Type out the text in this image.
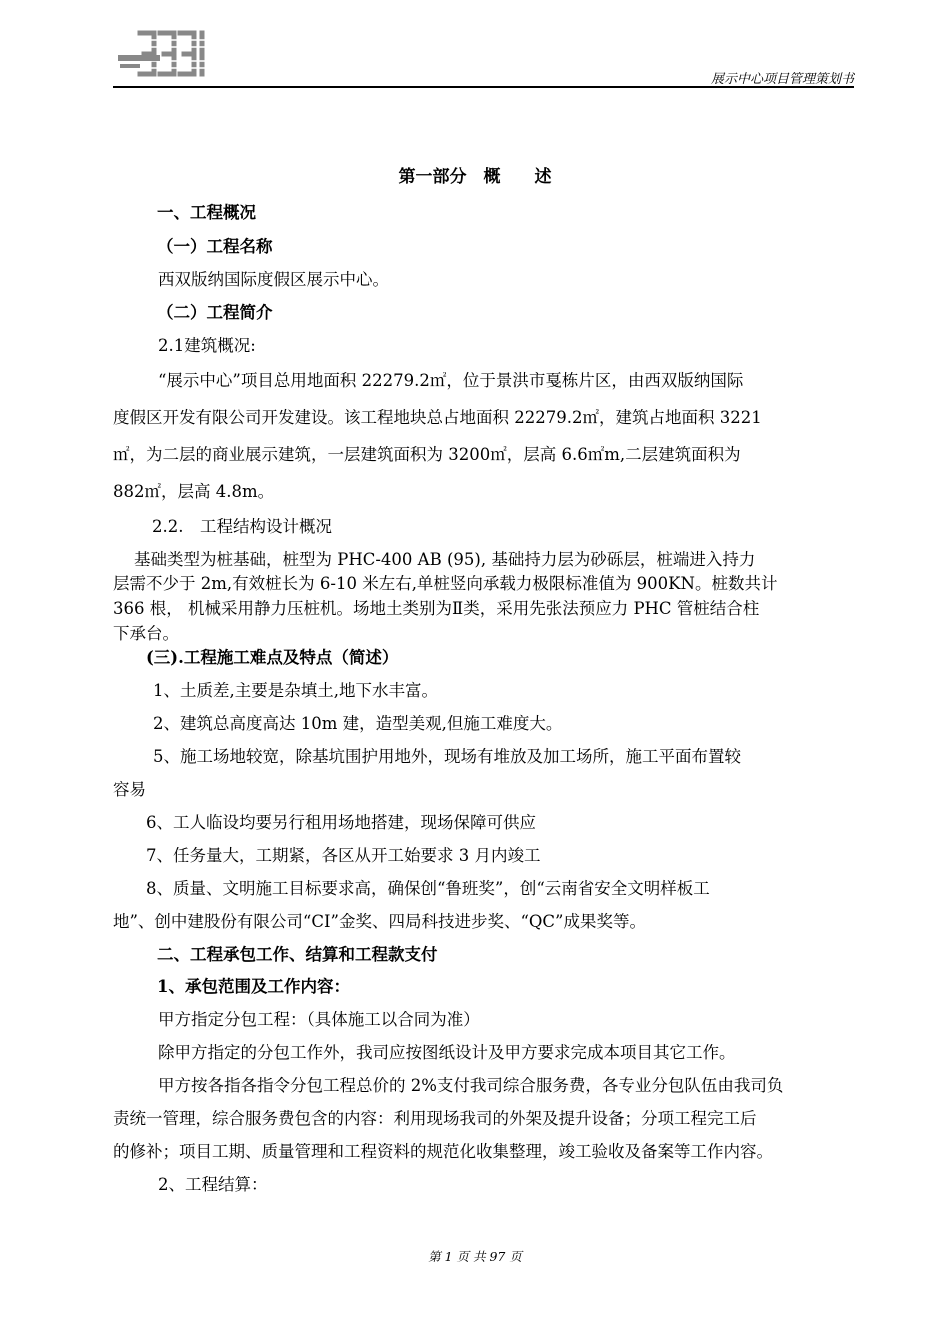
展示中心项目管理策划书
第一部分　概　　述
一、工程概况
（一）工程名称
西双版纳国际度假区展示中心。
（二）工程简介
2.1建筑概况:
“展示中心”项目总用地面积 22279.2㎡，位于景洪市戛栋片区，由西双版纳国际
度假区开发有限公司开发建设。该工程地块总占地面积 22279.2㎡，建筑占地面积 3221
㎡，为二层的商业展示建筑，一层建筑面积为 3200㎡，层高 6.6㎡m,二层建筑面积为
882㎡，层高 4.8m。
2.2.　工程结构设计概况
基础类型为桩基础，桩型为 PHC-400 AB (95), 基础持力层为砂砾层，桩端进入持力
层需不少于 2m,有效桩长为 6-10 米左右,单桩竖向承载力极限标准值为 900KN。桩数共计
366 根， 机械采用静力压桩机。场地土类别为Ⅱ类，采用先张法预应力 PHC 管桩结合柱
下承台。
(三).工程施工难点及特点（简述）
1、土质差,主要是杂填土,地下水丰富。
2、建筑总高度高达 10m 建，造型美观,但施工难度大。
5、施工场地较宽，除基坑围护用地外，现场有堆放及加工场所，施工平面布置较
容易
6、工人临设均要另行租用场地搭建，现场保障可供应
7、任务量大，工期紧，各区从开工始要求 3 月内竣工
8、质量、文明施工目标要求高，确保创“鲁班奖”，创“云南省安全文明样板工
地”、创中建股份有限公司“CI”金奖、四局科技进步奖、“QC”成果奖等。
二、工程承包工作、结算和工程款支付
1、承包范围及工作内容：
甲方指定分包工程：（具体施工以合同为准）
除甲方指定的分包工作外，我司应按图纸设计及甲方要求完成本项目其它工作。
甲方按各指各指令分包工程总价的 2%支付我司综合服务费，各专业分包队伍由我司负
责统一管理，综合服务费包含的内容：利用现场我司的外架及提升设备；分项工程完工后
的修补；项目工期、质量管理和工程资料的规范化收集整理，竣工验收及备案等工作内容。
2、工程结算：
第 1 页 共 97 页
